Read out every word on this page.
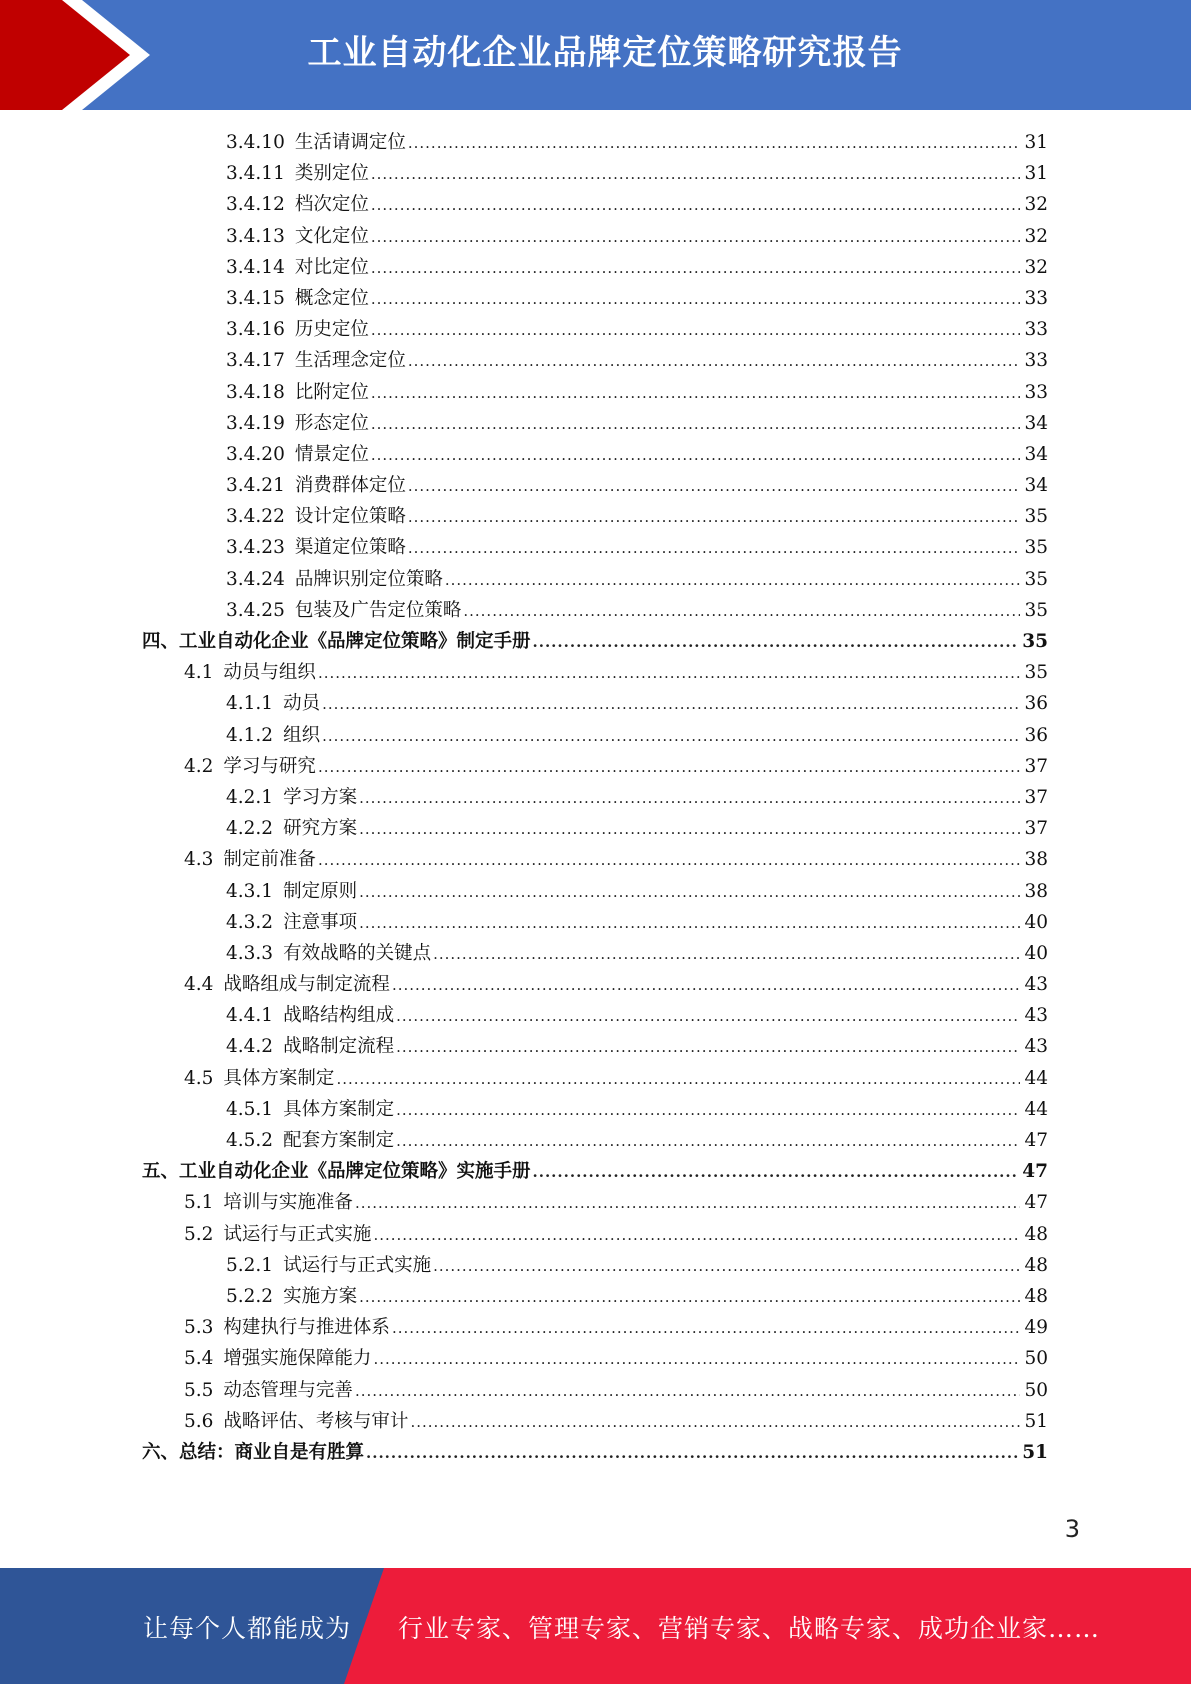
工业自动化企业品牌定位策略研究报告
3.4.10 生活请调定位 .....	31
3.4.11 类别定位 .....	31
3.4.12 档次定位 .....	32
3.4.13 文化定位 .....	32
3.4.14 对比定位 .....	32
3.4.15 概念定位 .....	33
3.4.16 历史定位 .....	33
3.4.17 生活理念定位 .....	33
3.4.18 比附定位 .....	33
3.4.19 形态定位 .....	34
3.4.20 情景定位 .....	34
3.4.21 消费群体定位 .....	34
3.4.22 设计定位策略 .....	35
3.4.23 渠道定位策略 .....	35
3.4.24 品牌识别定位策略 .....	35
3.4.25 包装及广告定位策略 .....	35
四、工业自动化企业《品牌定位策略》制定手册 .....	35
4.1 动员与组织 .....	35
4.1.1 动员 .....	36
4.1.2 组织 .....	36
4.2 学习与研究 .....	37
4.2.1 学习方案 .....	37
4.2.2 研究方案 .....	37
4.3 制定前准备 .....	38
4.3.1 制定原则 .....	38
4.3.2 注意事项 .....	40
4.3.3 有效战略的关键点 .....	40
4.4 战略组成与制定流程 .....	43
4.4.1 战略结构组成 .....	43
4.4.2 战略制定流程 .....	43
4.5 具体方案制定 .....	44
4.5.1 具体方案制定 .....	44
4.5.2 配套方案制定 .....	47
五、工业自动化企业《品牌定位策略》实施手册 .....	47
5.1 培训与实施准备 .....	47
5.2 试运行与正式实施 .....	48
5.2.1 试运行与正式实施 .....	48
5.2.2 实施方案 .....	48
5.3 构建执行与推进体系 .....	49
5.4 增强实施保障能力 .....	50
5.5 动态管理与完善 .....	50
5.6 战略评估、考核与审计 .....	51
六、总结：商业自是有胜算 .....	51
3
让每个人都能成为 行业专家、管理专家、营销专家、战略专家、成功企业家……
